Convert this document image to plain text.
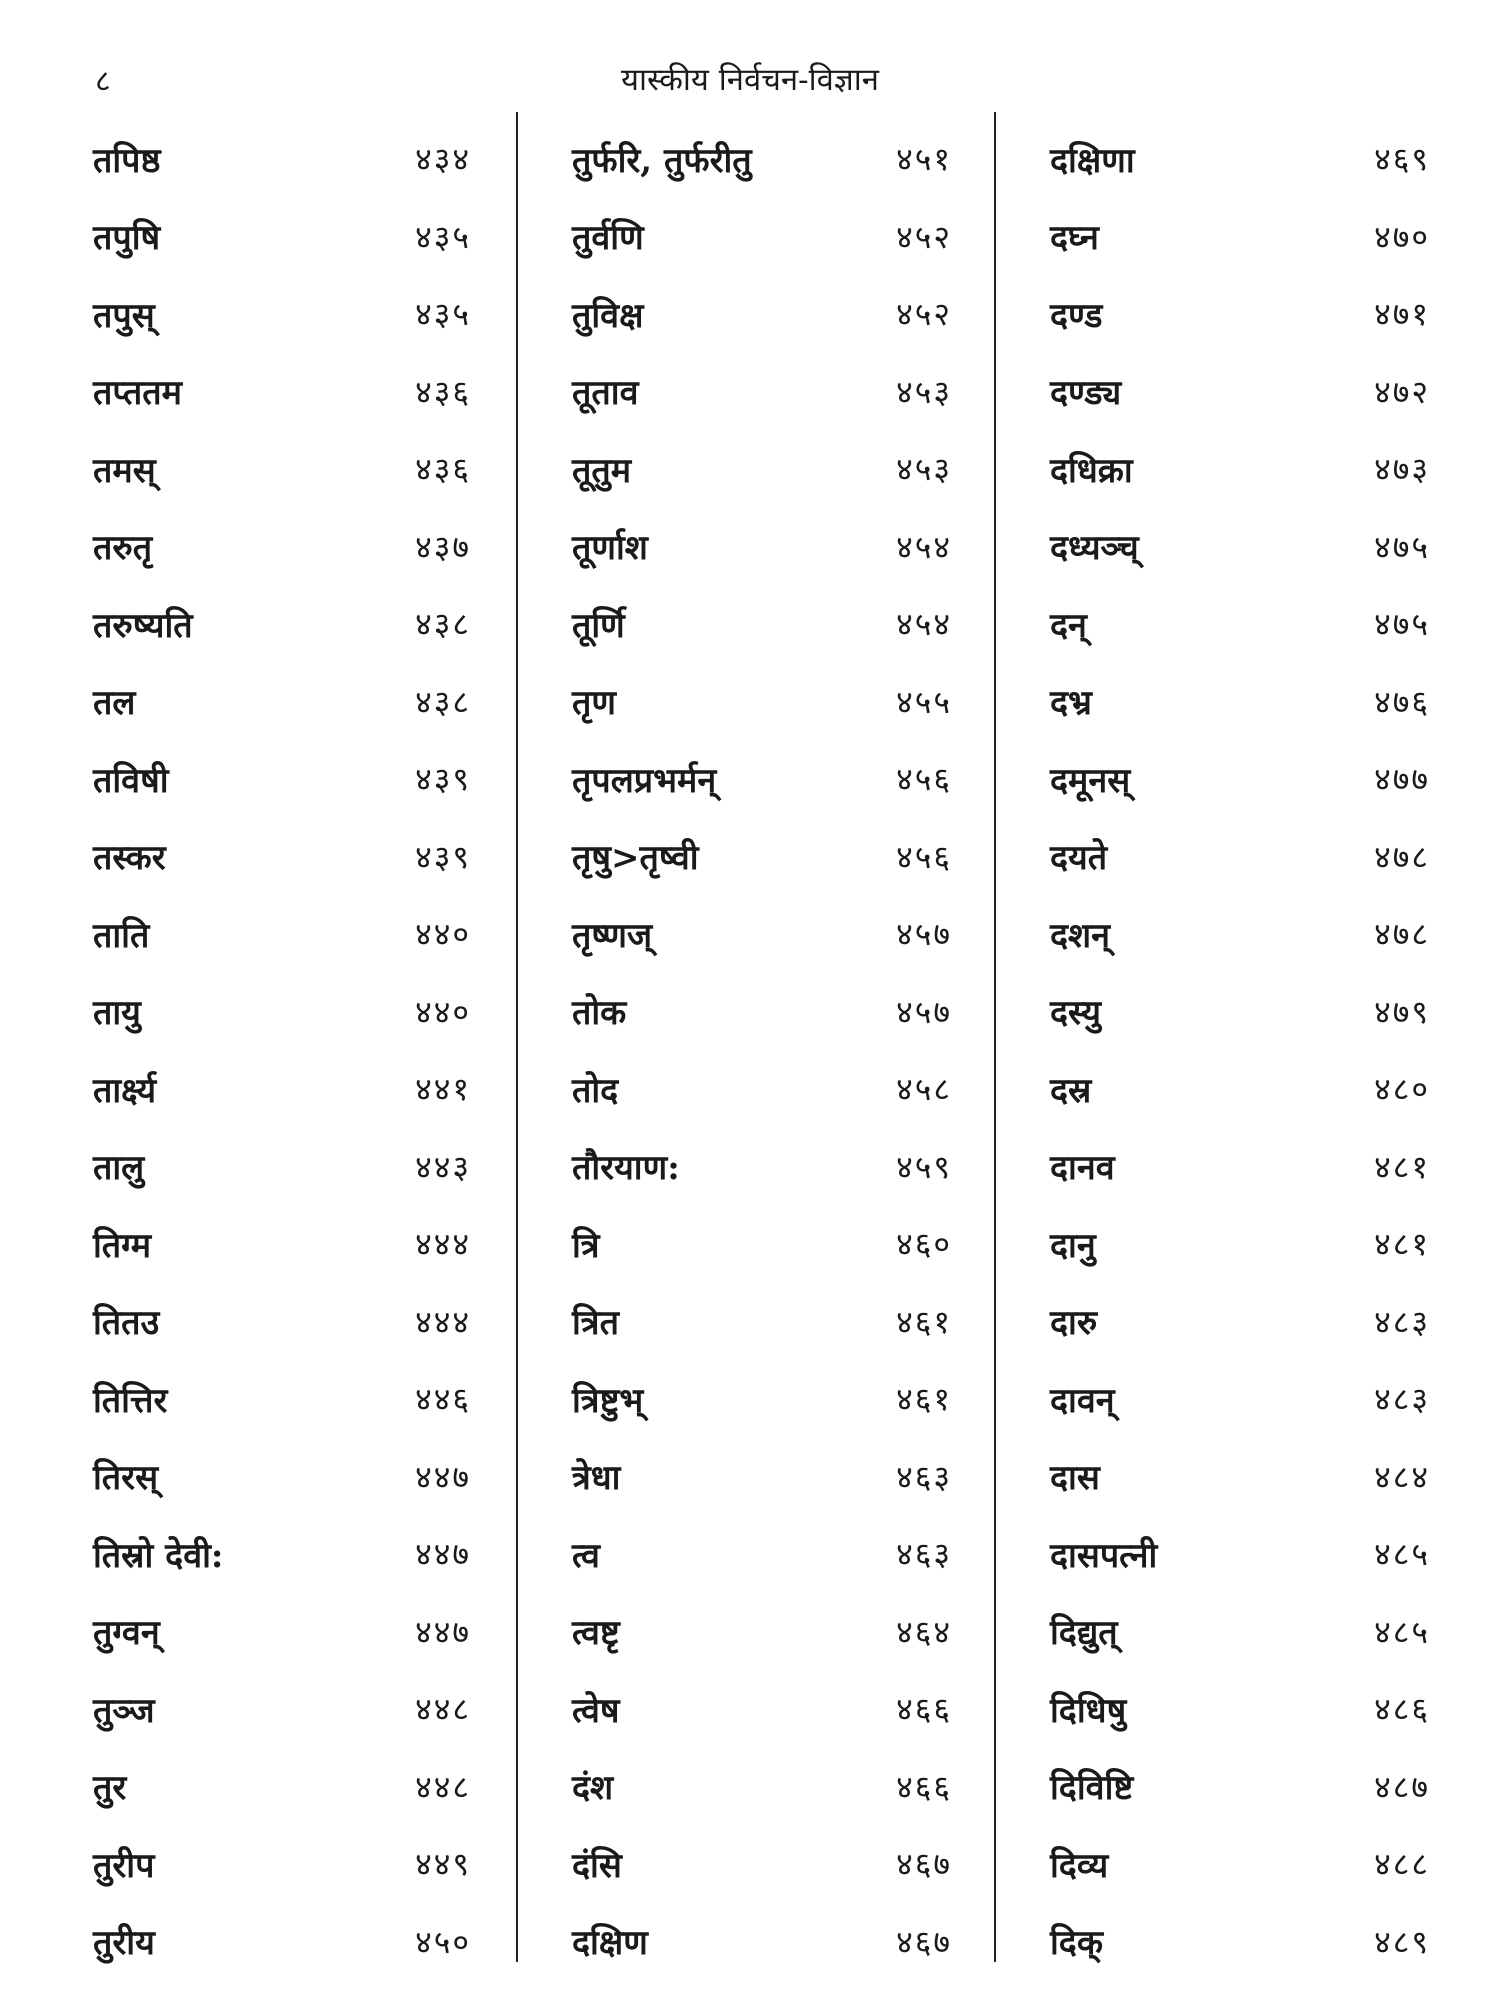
८	यास्कीय निर्वचन-विज्ञान
तपिष्ठ	४३४
तपुषि	४३५
तपुस्	४३५
तप्ततम	४३६
तमस्	४३६
तरुतृ	४३७
तरुष्यति	४३८
तल	४३८
तविषी	४३९
तस्कर	४३९
ताति	४४०
तायु	४४०
तार्क्ष्य	४४१
तालु	४४३
तिग्म	४४४
तितउ	४४४
तित्तिर	४४६
तिरस्	४४७
तिस्रो देवी:	४४७
तुग्वन्	४४७
तुञ्ज	४४८
तुर	४४८
तुरीप	४४९
तुरीय	४५०
तुर्फरि, तुर्फरीतु	४५१
तुर्वणि	४५२
तुविक्ष	४५२
तूताव	४५३
तूतुम	४५३
तूर्णाश	४५४
तूर्णि	४५४
तृण	४५५
तृपलप्रभर्मन्	४५६
तृषु>तृष्वी	४५६
तृष्णज्	४५७
तोक	४५७
तोद	४५८
तौरयाण:	४५९
त्रि	४६०
त्रित	४६१
त्रिष्टुभ्	४६१
त्रेधा	४६३
त्व	४६३
त्वष्टृ	४६४
त्वेष	४६६
दंश	४६६
दंसि	४६७
दक्षिण	४६७
दक्षिणा	४६९
दघ्न	४७०
दण्ड	४७१
दण्ड्य	४७२
दधिक्रा	४७३
दध्यञ्च्	४७५
दन्	४७५
दभ्र	४७६
दमूनस्	४७७
दयते	४७८
दशन्	४७८
दस्यु	४७९
दस्र	४८०
दानव	४८१
दानु	४८१
दारु	४८३
दावन्	४८३
दास	४८४
दासपत्नी	४८५
दिद्युत्	४८५
दिधिषु	४८६
दिविष्टि	४८७
दिव्य	४८८
दिक्	४८९
